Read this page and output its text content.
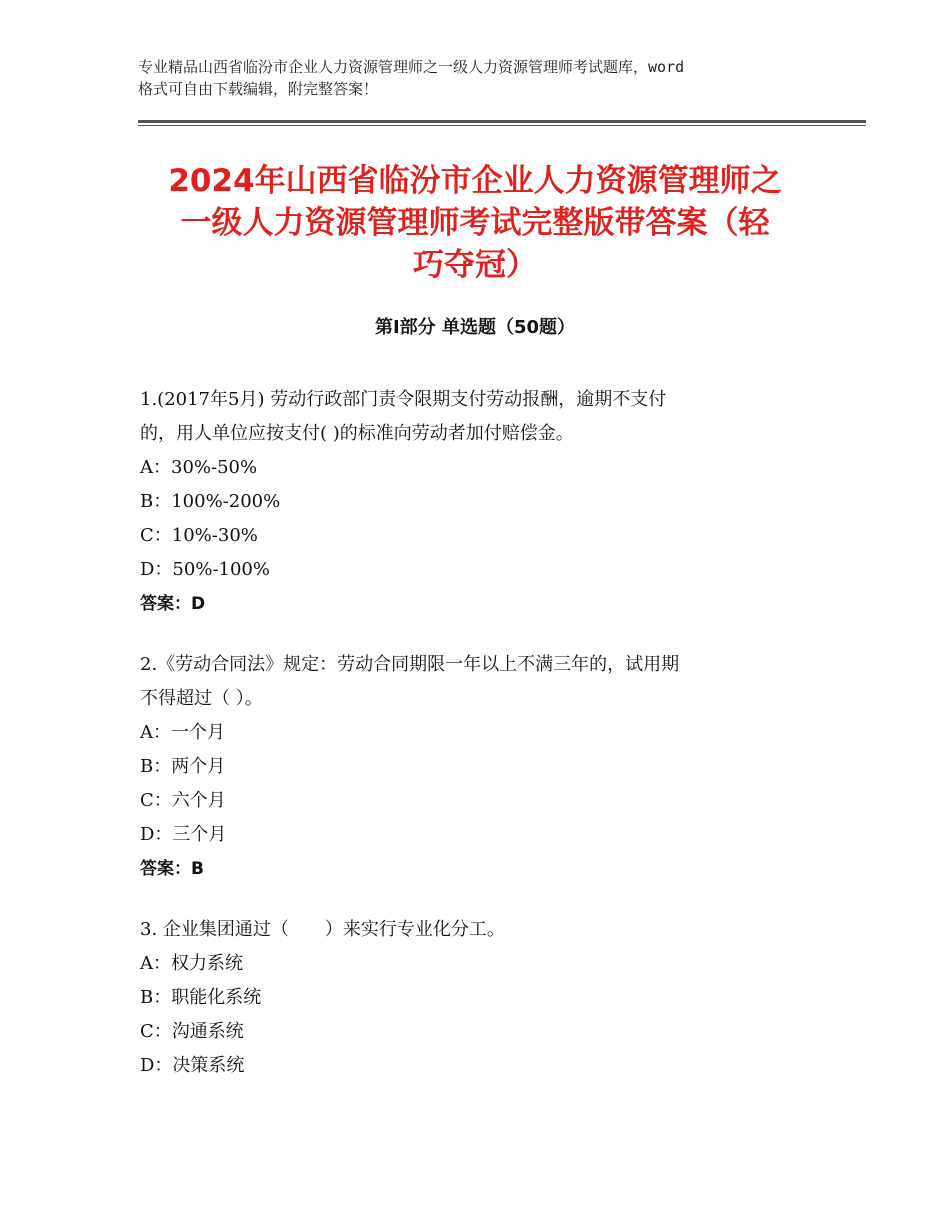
专业精品山西省临汾市企业人力资源管理师之一级人力资源管理师考试题库，word
格式可自由下载编辑，附完整答案！
2024年山西省临汾市企业人力资源管理师之
一级人力资源管理师考试完整版带答案（轻
巧夺冠）
第Ⅰ部分 单选题（50题）
1.(2017年5月) 劳动行政部门责令限期支付劳动报酬，逾期不支付
的，用人单位应按支付( )的标准向劳动者加付赔偿金。
A：30%-50%
B：100%-200%
C：10%-30%
D：50%-100%
答案：D
2.《劳动合同法》规定：劳动合同期限一年以上不满三年的，试用期
不得超过（ ）。
A：一个月
B：两个月
C：六个月
D：三个月
答案：B
3. 企业集团通过（　　）来实行专业化分工。
A：权力系统
B：职能化系统
C：沟通系统
D：决策系统
